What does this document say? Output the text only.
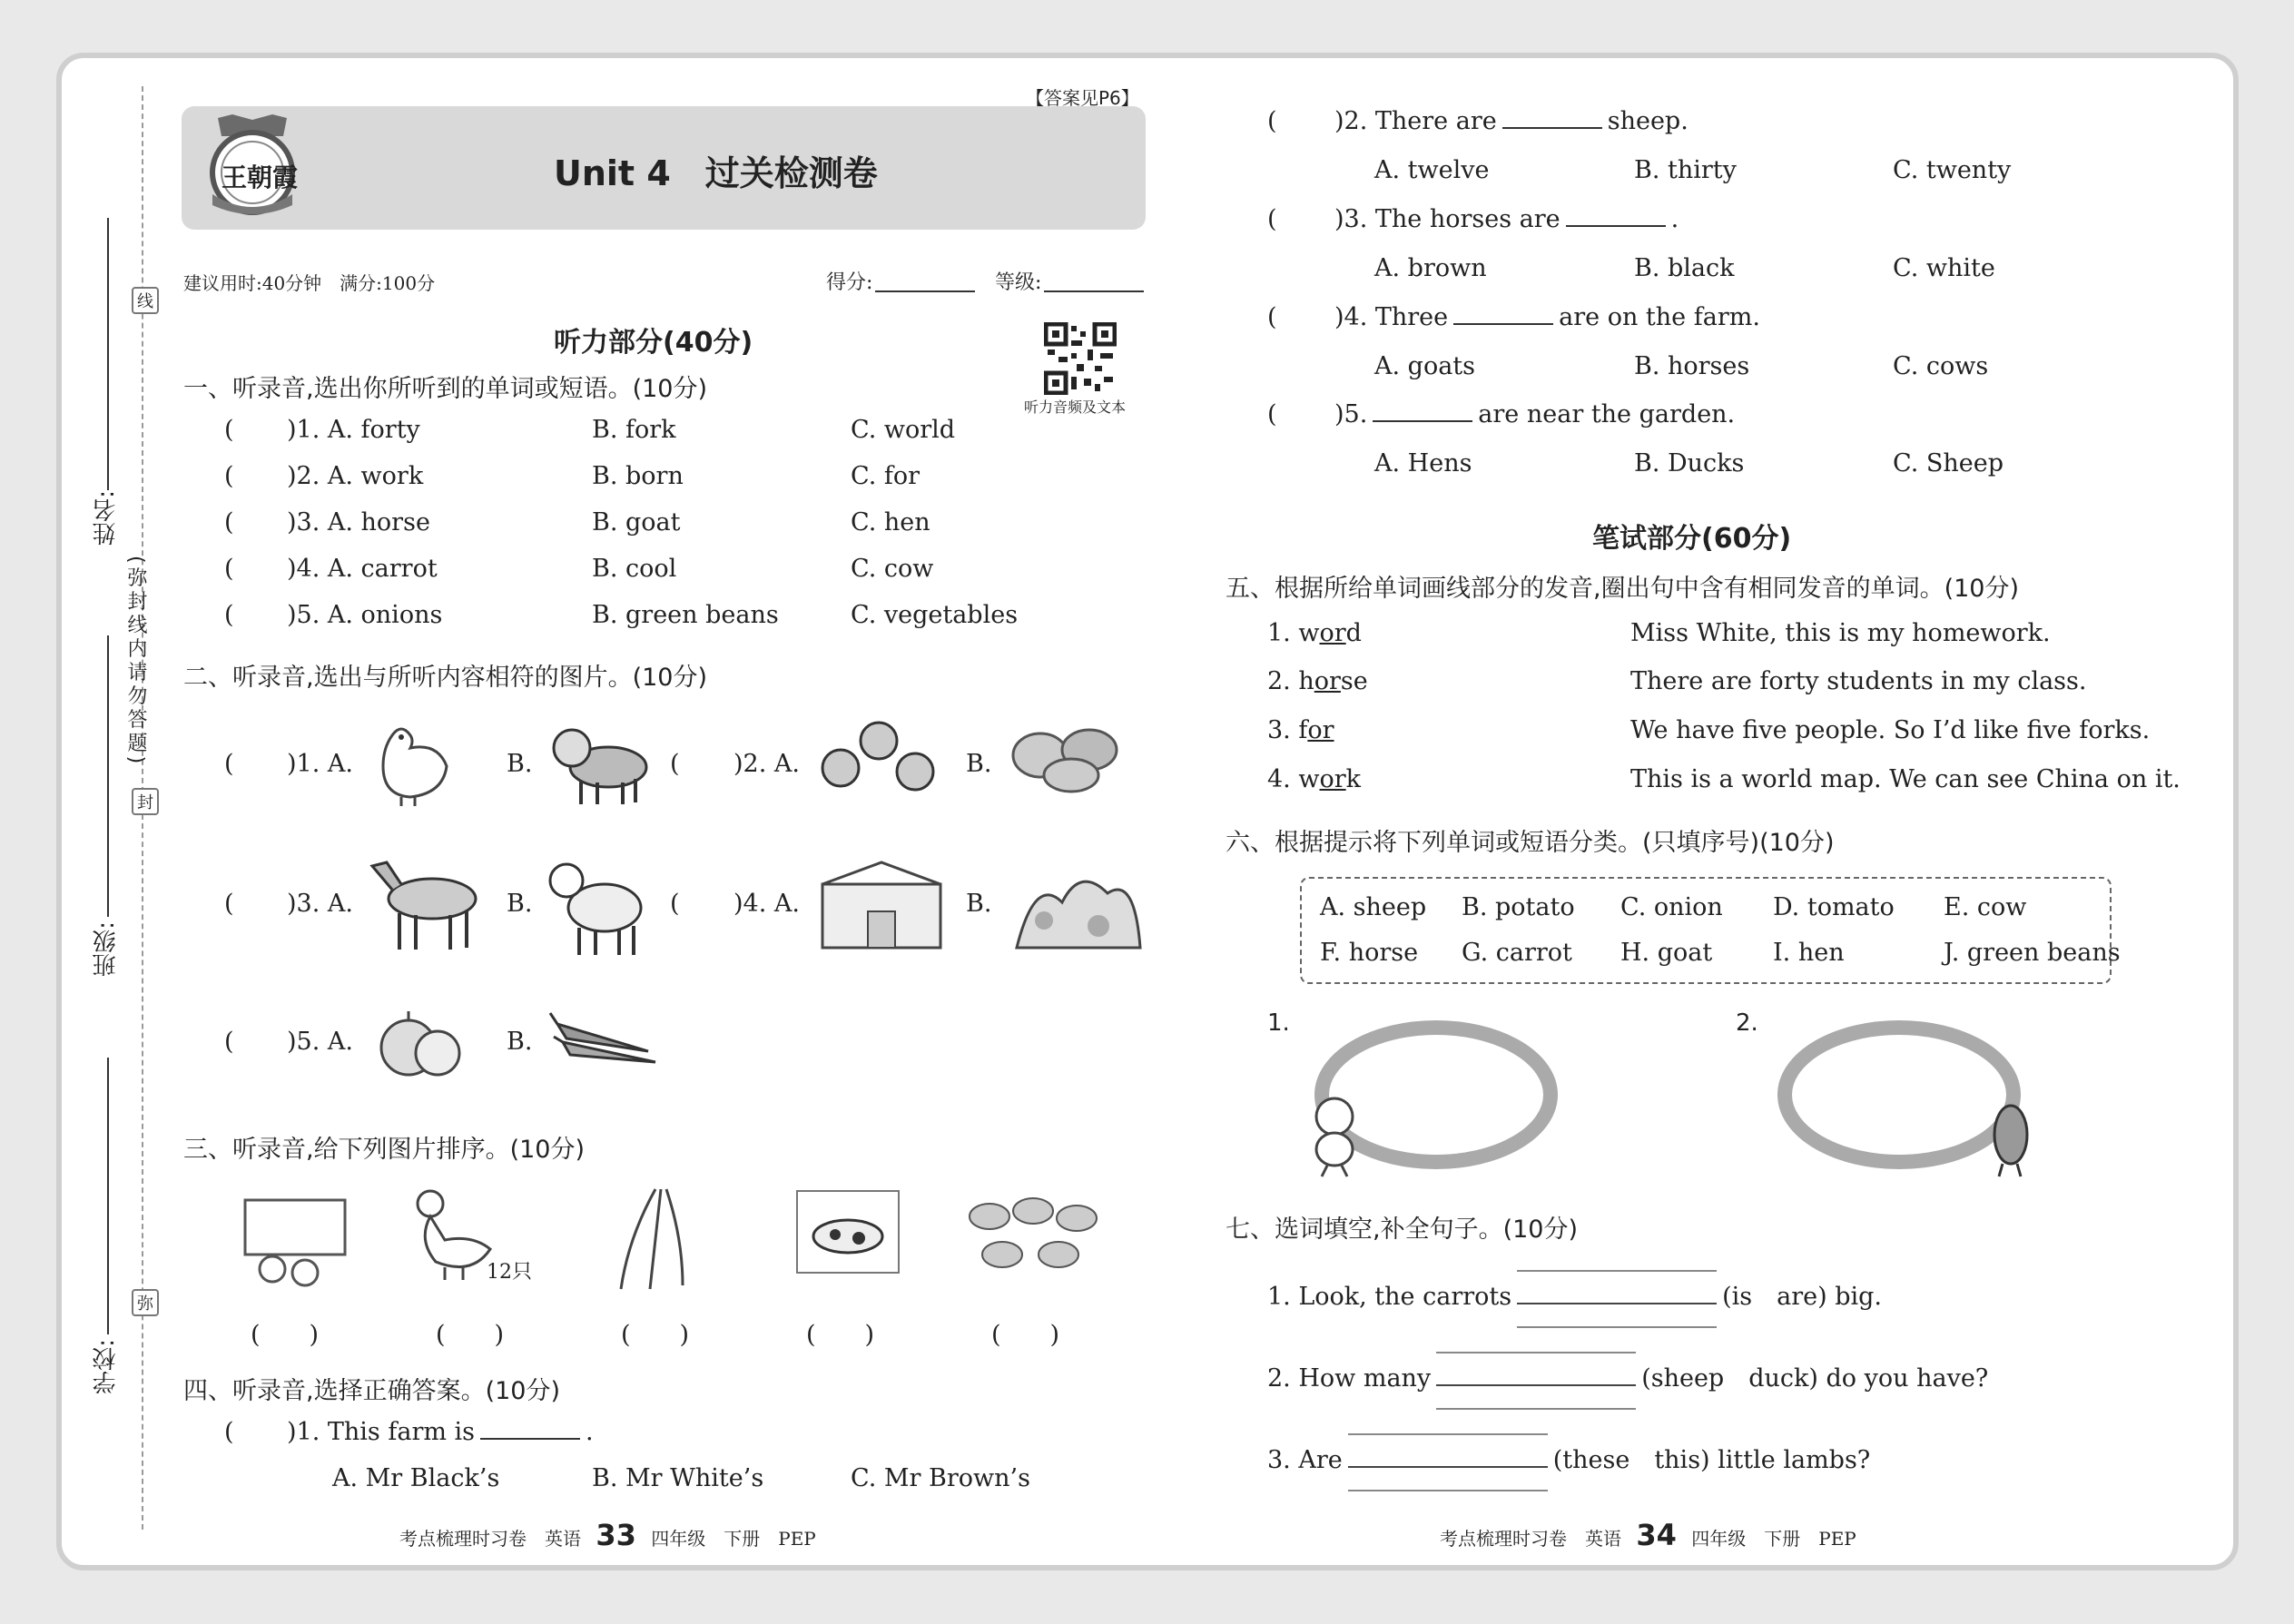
线
封
弥
(弥封线内请勿答题)
姓名:
班级:
学校:
王朝霞
【答案见P6】
Unit 4　过关检测卷
建议用时:40分钟　满分:100分	得分:	等级:
听力音频及文本
听力部分(40分)
一、听录音,选出你所听到的单词或短语。(10分)
( )1. A. forty	B. fork	C. world
( )2. A. work	B. born	C. for
( )3. A. horse	B. goat	C. hen
( )4. A. carrot	B. cool	C. cow
( )5. A. onions	B. green beans	C. vegetables
二、听录音,选出与所听内容相符的图片。(10分)
( )1. A.	B.	( )2. A.	B.
( )3. A.	B.	( )4. A.	B.
( )5. A.	B.
三、听录音,给下列图片排序。(10分)
12只
(　　)	(　　)	(　　)	(　　)	(　　)
四、听录音,选择正确答案。(10分)
( )1. This farm is	.
A. Mr Black’s	B. Mr White’s	C. Mr Brown’s
( )2. There are	sheep.
A. twelve	B. thirty	C. twenty
( )3. The horses are	.
A. brown	B. black	C. white
( )4. Three	are on the farm.
A. goats	B. horses	C. cows
( )5.	are near the garden.
A. Hens	B. Ducks	C. Sheep
笔试部分(60分)
五、根据所给单词画线部分的发音,圈出句中含有相同发音的单词。(10分)
1. word	Miss White, this is my homework.
2. horse	There are forty students in my class.
3. for	We have five people. So I’d like five forks.
4. work	This is a world map. We can see China on it.
六、根据提示将下列单词或短语分类。(只填序号)(10分)
A. sheep B. potato C. onion D. tomato E. cow
F. horse G. carrot H. goat I. hen	J. green beans
1.	2.
七、选词填空,补全句子。(10分)
1. Look, the carrots	(is　are) big.
2. How many	(sheep　duck) do you have?
3. Are	(these　this) little lambs?
考点梳理时习卷　英语 33 四年级　下册　PEP	考点梳理时习卷　英语 34 四年级　下册　PEP
